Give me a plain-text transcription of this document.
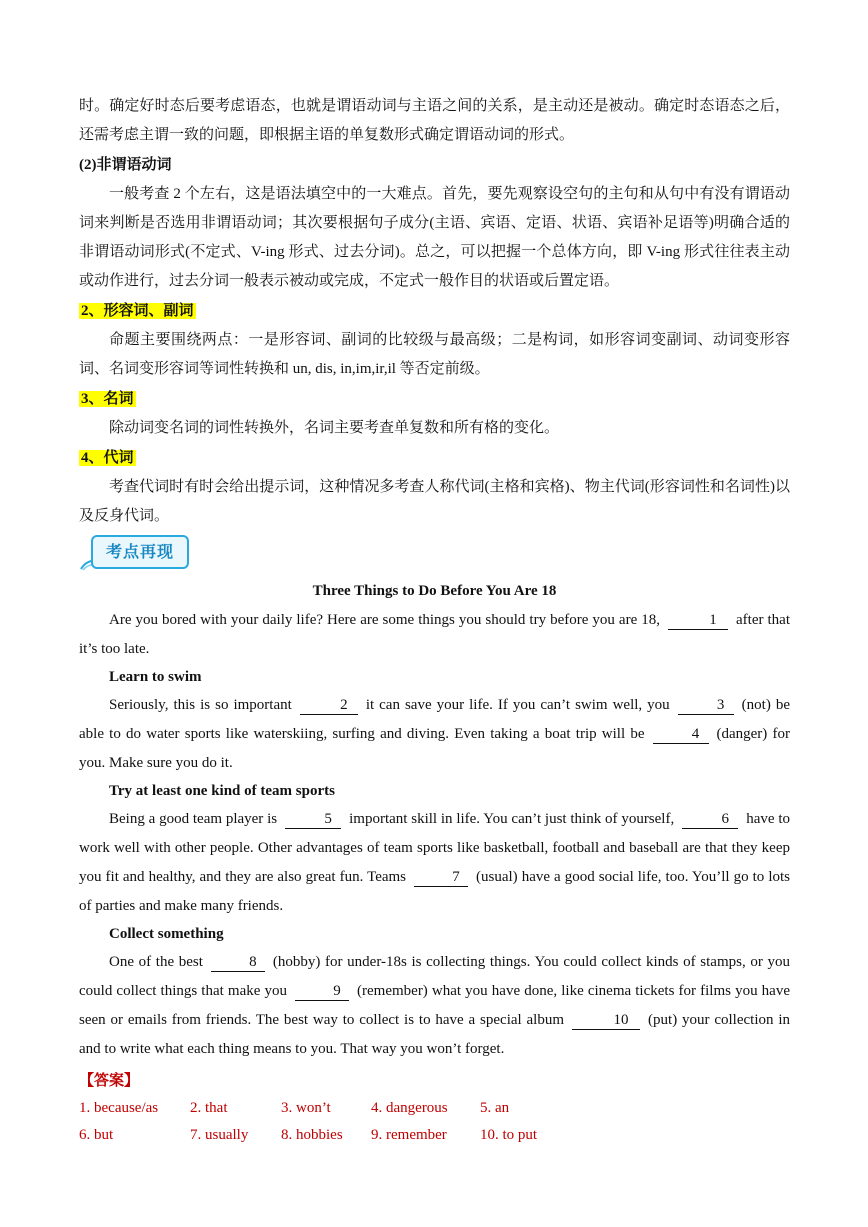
时。确定好时态后要考虑语态，也就是谓语动词与主语之间的关系，是主动还是被动。确定时态语态之后，还需考虑主谓一致的问题，即根据主语的单复数形式确定谓语动词的形式。

(2)非谓语动词

一般考查 2 个左右，这是语法填空中的一大难点。首先，要先观察设空句的主句和从句中有没有谓语动词来判断是否选用非谓语动词；其次要根据句子成分(主语、宾语、定语、状语、宾语补足语等)明确合适的非谓语动词形式(不定式、V-ing 形式、过去分词)。总之，可以把握一个总体方向，即 V-ing 形式往往表主动或动作进行，过去分词一般表示被动或完成，不定式一般作目的状语或后置定语。

2、形容词、副词

命题主要围绕两点：一是形容词、副词的比较级与最高级；二是构词，如形容词变副词、动词变形容词、名词变形容词等词性转换和 un, dis, in,im,ir,il 等否定前级。

3、名词

除动词变名词的词性转换外，名词主要考查单复数和所有格的变化。

4、代词

考查代词时有时会给出提示词，这种情况多考查人称代词(主格和宾格)、物主代词(形容词性和名词性)以及反身代词。

考点再现

Three Things to Do Before You Are 18

Are you bored with your daily life? Here are some things you should try before you are 18,	1 after that it’s too late.

Learn to swim

Seriously, this is so important	2 it can save your life. If you can’t swim well, you	3 (not) be able to do water sports like waterskiing, surfing and diving. Even taking a boat trip will be	4 (danger) for you. Make sure you do it.

Try at least one kind of team sports

Being a good team player is	5 important skill in life. You can’t just think of yourself,	6 have to work well with other people. Other advantages of team sports like basketball, football and baseball are that they keep you fit and healthy, and they are also great fun. Teams	7 (usual) have a good social life, too. You’ll go to lots of parties and make many friends.

Collect something

One of the best	8 (hobby) for under-18s is collecting things. You could collect kinds of stamps, or you could collect things that make you	9 (remember) what you have done, like cinema tickets for films you have seen or emails from friends. The best way to collect is to have a special album	10 (put) your collection in and to write what each thing means to you. That way you won’t forget.

【答案】
1. because/as	2. that	3. won’t	4. dangerous	5. an
6. but	7. usually	8. hobbies	9. remember	10. to put
